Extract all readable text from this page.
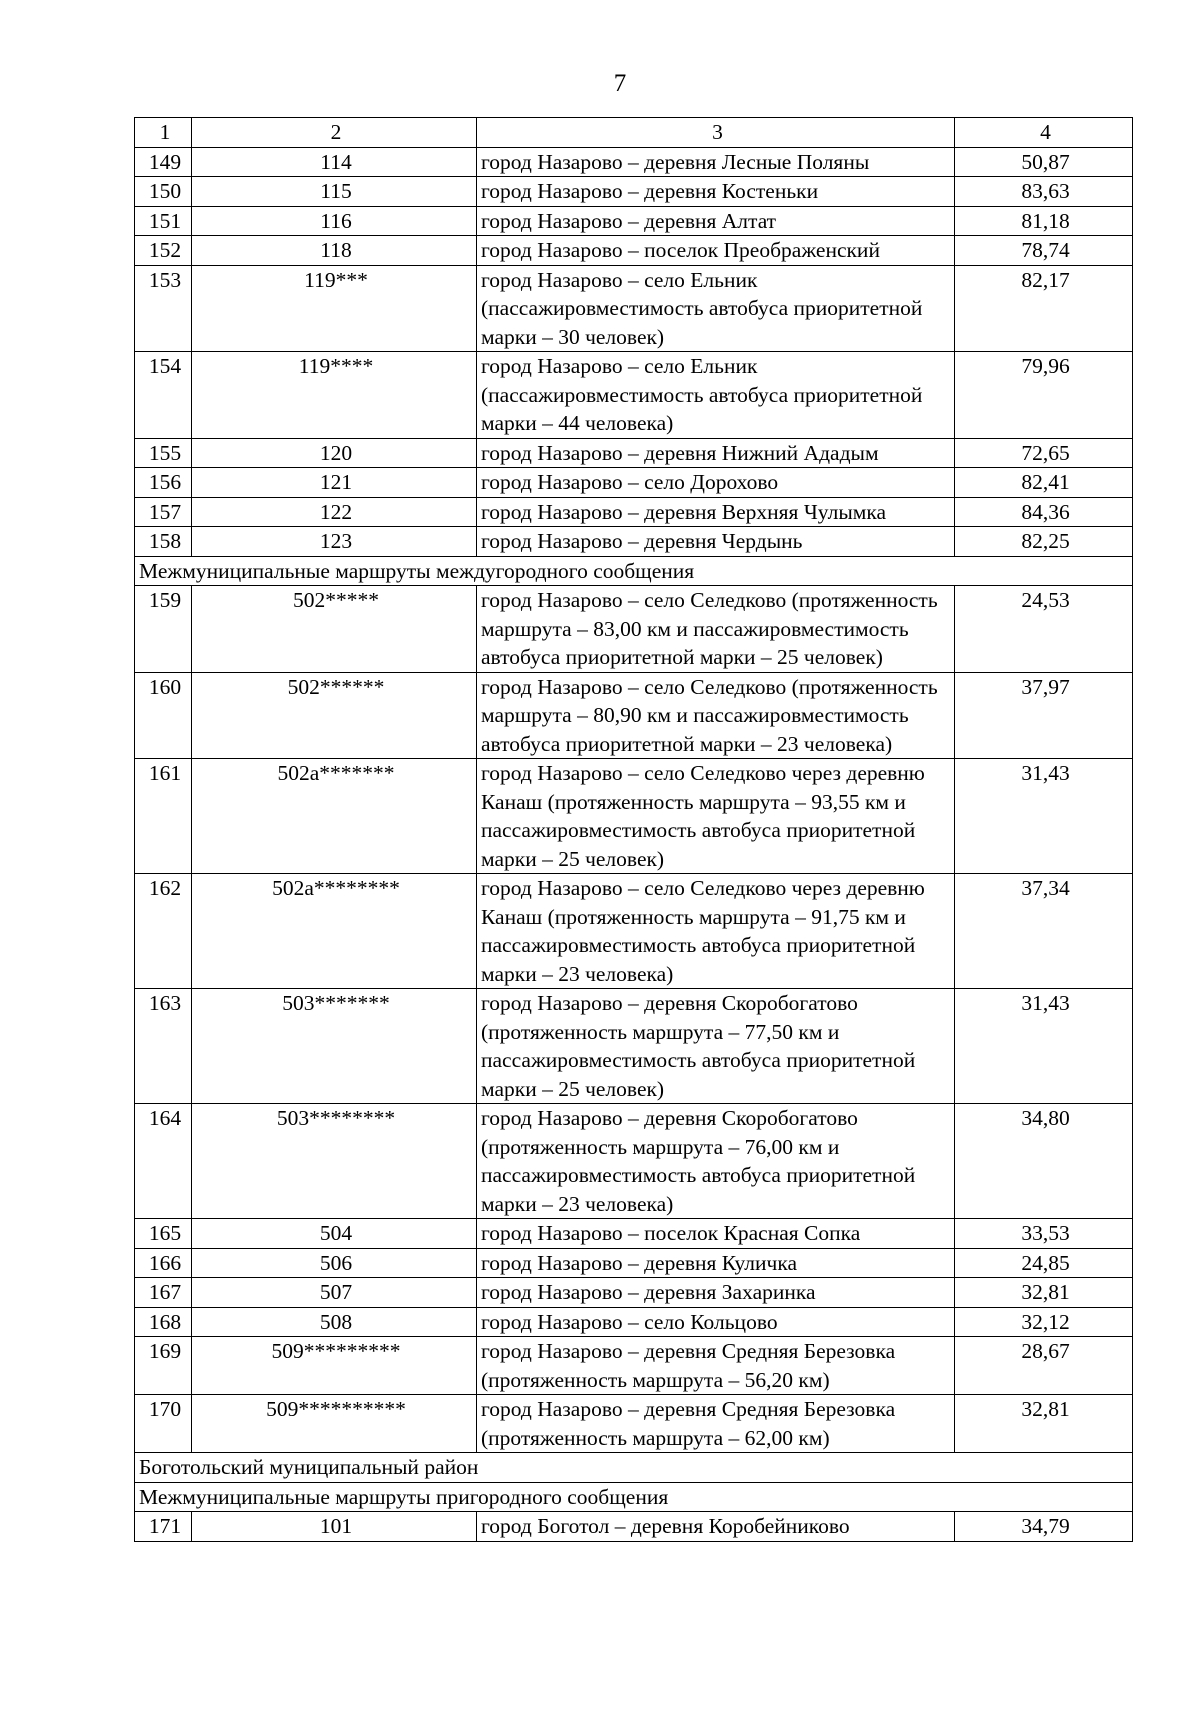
7
1	2	3	4
149	114	город Назарово – деревня Лесные Поляны	50,87
150	115	город Назарово – деревня Костеньки	83,63
151	116	город Назарово – деревня Алтат	81,18
152	118	город Назарово – поселок Преображенский	78,74
153	119***	город Назарово – село Ельник (пассажировместимость автобуса приоритетной марки – 30 человек)	82,17
154	119****	город Назарово – село Ельник (пассажировместимость автобуса приоритетной марки – 44 человека)	79,96
155	120	город Назарово – деревня Нижний Ададым	72,65
156	121	город Назарово – село Дорохово	82,41
157	122	город Назарово – деревня Верхняя Чулымка	84,36
158	123	город Назарово – деревня Чердынь	82,25
Межмуниципальные маршруты междугородного сообщения			
159	502*****	город Назарово – село Селедково (протяженность маршрута – 83,00 км и пассажировместимость автобуса приоритетной марки – 25 человек)	24,53
160	502******	город Назарово – село Селедково (протяженность маршрута – 80,90 км и пассажировместимость автобуса приоритетной марки – 23 человека)	37,97
161	502а*******	город Назарово – село Селедково через деревню Канаш (протяженность маршрута – 93,55 км и пассажировместимость автобуса приоритетной марки – 25 человек)	31,43
162	502а********	город Назарово – село Селедково через деревню Канаш (протяженность маршрута – 91,75 км и пассажировместимость автобуса приоритетной марки – 23 человека)	37,34
163	503*******	город Назарово – деревня Скоробогатово (протяженность маршрута – 77,50 км и пассажировместимость автобуса приоритетной марки – 25 человек)	31,43
164	503********	город Назарово – деревня Скоробогатово (протяженность маршрута – 76,00 км и пассажировместимость автобуса приоритетной марки – 23 человека)	34,80
165	504	город Назарово – поселок Красная Сопка	33,53
166	506	город Назарово – деревня Куличка	24,85
167	507	город Назарово – деревня Захаринка	32,81
168	508	город Назарово – село Кольцово	32,12
169	509*********	город Назарово – деревня Средняя Березовка (протяженность маршрута – 56,20 км)	28,67
170	509**********	город Назарово – деревня Средняя Березовка (протяженность маршрута – 62,00 км)	32,81
Боготольский муниципальный район			
Межмуниципальные маршруты пригородного сообщения			
171	101	город Боготол – деревня Коробейниково	34,79
